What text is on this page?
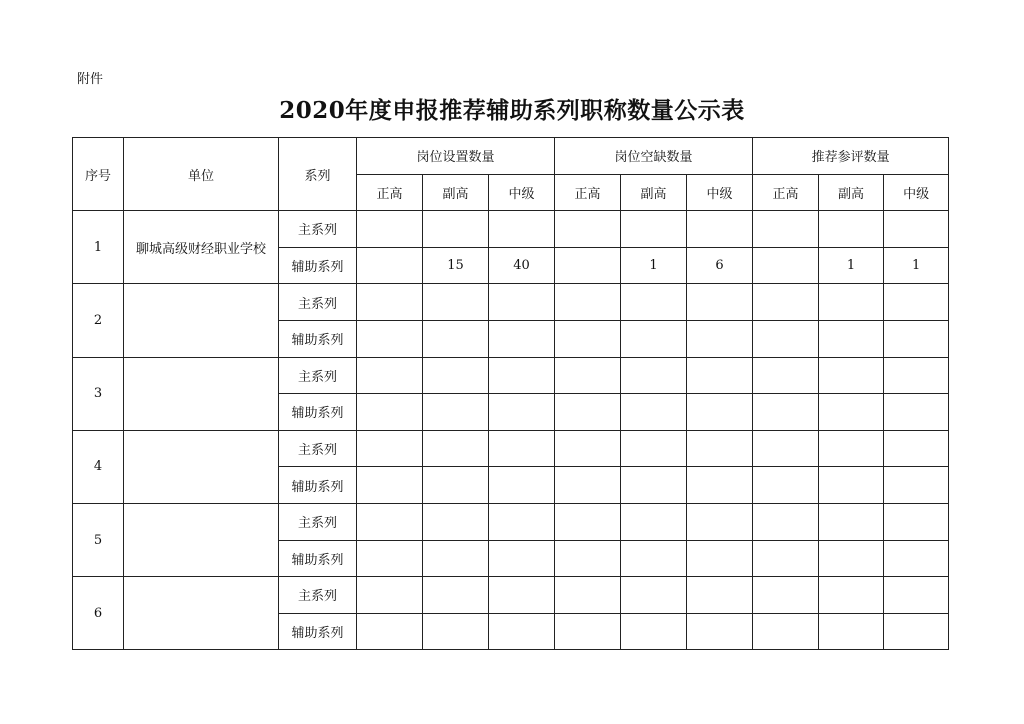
附件
2020年度申报推荐辅助系列职称数量公示表
序号	单位	系列	岗位设置数量			岗位空缺数量			推荐参评数量		
			正高	副高	中级	正高	副高	中级	正高	副高	中级
1	聊城高级财经职业学校	主系列									
		辅助系列		15	40		1	6		1	1
2		主系列									
		辅助系列									
3		主系列									
		辅助系列									
4		主系列									
		辅助系列									
5		主系列									
		辅助系列									
6		主系列									
		辅助系列									
